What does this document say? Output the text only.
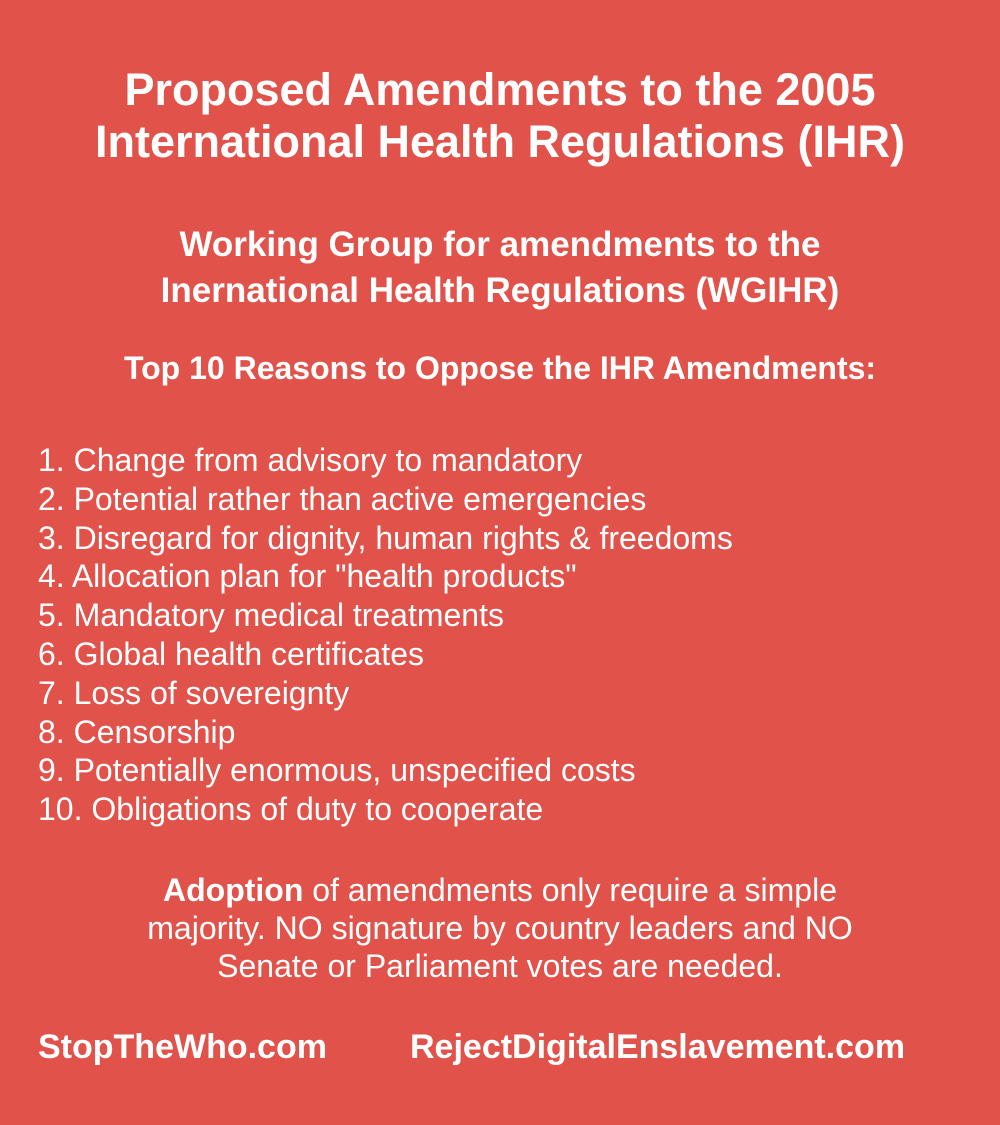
Proposed Amendments to the 2005
International Health Regulations (IHR)
Working Group for amendments to the
Inernational Health Regulations (WGIHR)
Top 10 Reasons to Oppose the IHR Amendments:
1. Change from advisory to mandatory
2. Potential rather than active emergencies
3. Disregard for dignity, human rights & freedoms
4. Allocation plan for "health products"
5. Mandatory medical treatments
6. Global health certificates
7. Loss of sovereignty
8. Censorship
9. Potentially enormous, unspecified costs
10. Obligations of duty to cooperate

Adoption of amendments only require a simple
majority. NO signature by country leaders and NO
Senate or Parliament votes are needed.

StopTheWho.com RejectDigitalEnslavement.com
